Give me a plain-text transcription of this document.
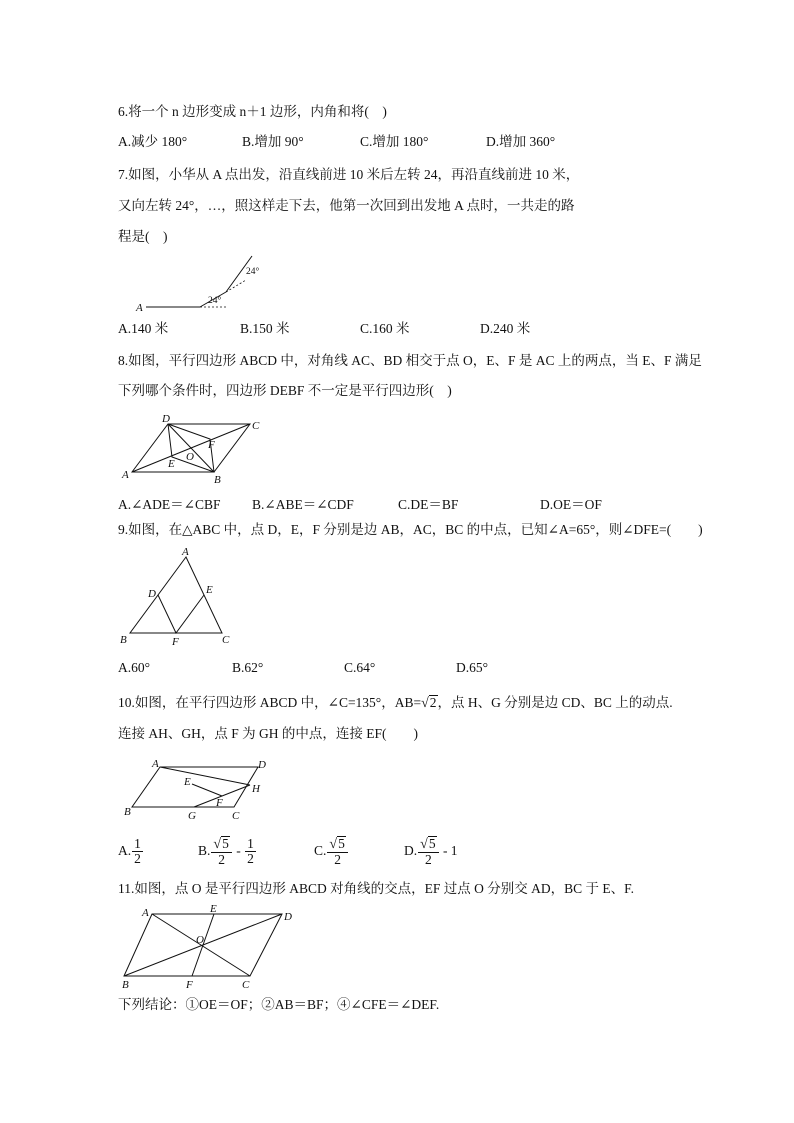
6.将一个 n 边形变成 n＋1 边形，内角和将(　)
A.减少 180°	B.增加 90°	C.增加 180°	D.增加 360°
7.如图，小华从 A 点出发，沿直线前进 10 米后左转 24，再沿直线前进 10 米，
又向左转 24°，…，照这样走下去，他第一次回到出发地 A 点时，一共走的路
程是(　)
A
24°
24°
A.140 米	B.150 米	C.160 米	D.240 米
8.如图，平行四边形 ABCD 中，对角线 AC、BD 相交于点 O，E、F 是 AC 上的两点，当 E、F 满足
下列哪个条件时，四边形 DEBF 不一定是平行四边形(　)
D
C
F
O
E
A	B
A.∠ADE＝∠CBF B.∠ABE＝∠CDF	C.DE＝BF	D.OE＝OF
9.如图，在△ABC 中，点 D，E，F 分别是边 AB，AC，BC 的中点，已知∠A=65°，则∠DFE=(　　)
A
D	E
B	F	C
A.60°	B.62°	C.64°	D.65°
10.如图，在平行四边形 ABCD 中，∠C=135°，AB=√2，点 H、G 分别是边 CD、BC 上的动点.
连接 AH、GH，点 F 为 GH 的中点，连接 EF(　　)
A	D
E
H
F
B	G	C
A. $\frac{1}{2}$	B. $\frac{√5}{2} - \frac{1}{2}$	C. $\frac{√5}{2}$	D. $\frac{√5}{2} - 1$
11.如图，点 O 是平行四边形 ABCD 对角线的交点，EF 过点 O 分别交 AD，BC 于 E、F.
A	E
D
O
B	F	C
下列结论：①OE＝OF；②AB＝BF；④∠CFE＝∠DEF.
